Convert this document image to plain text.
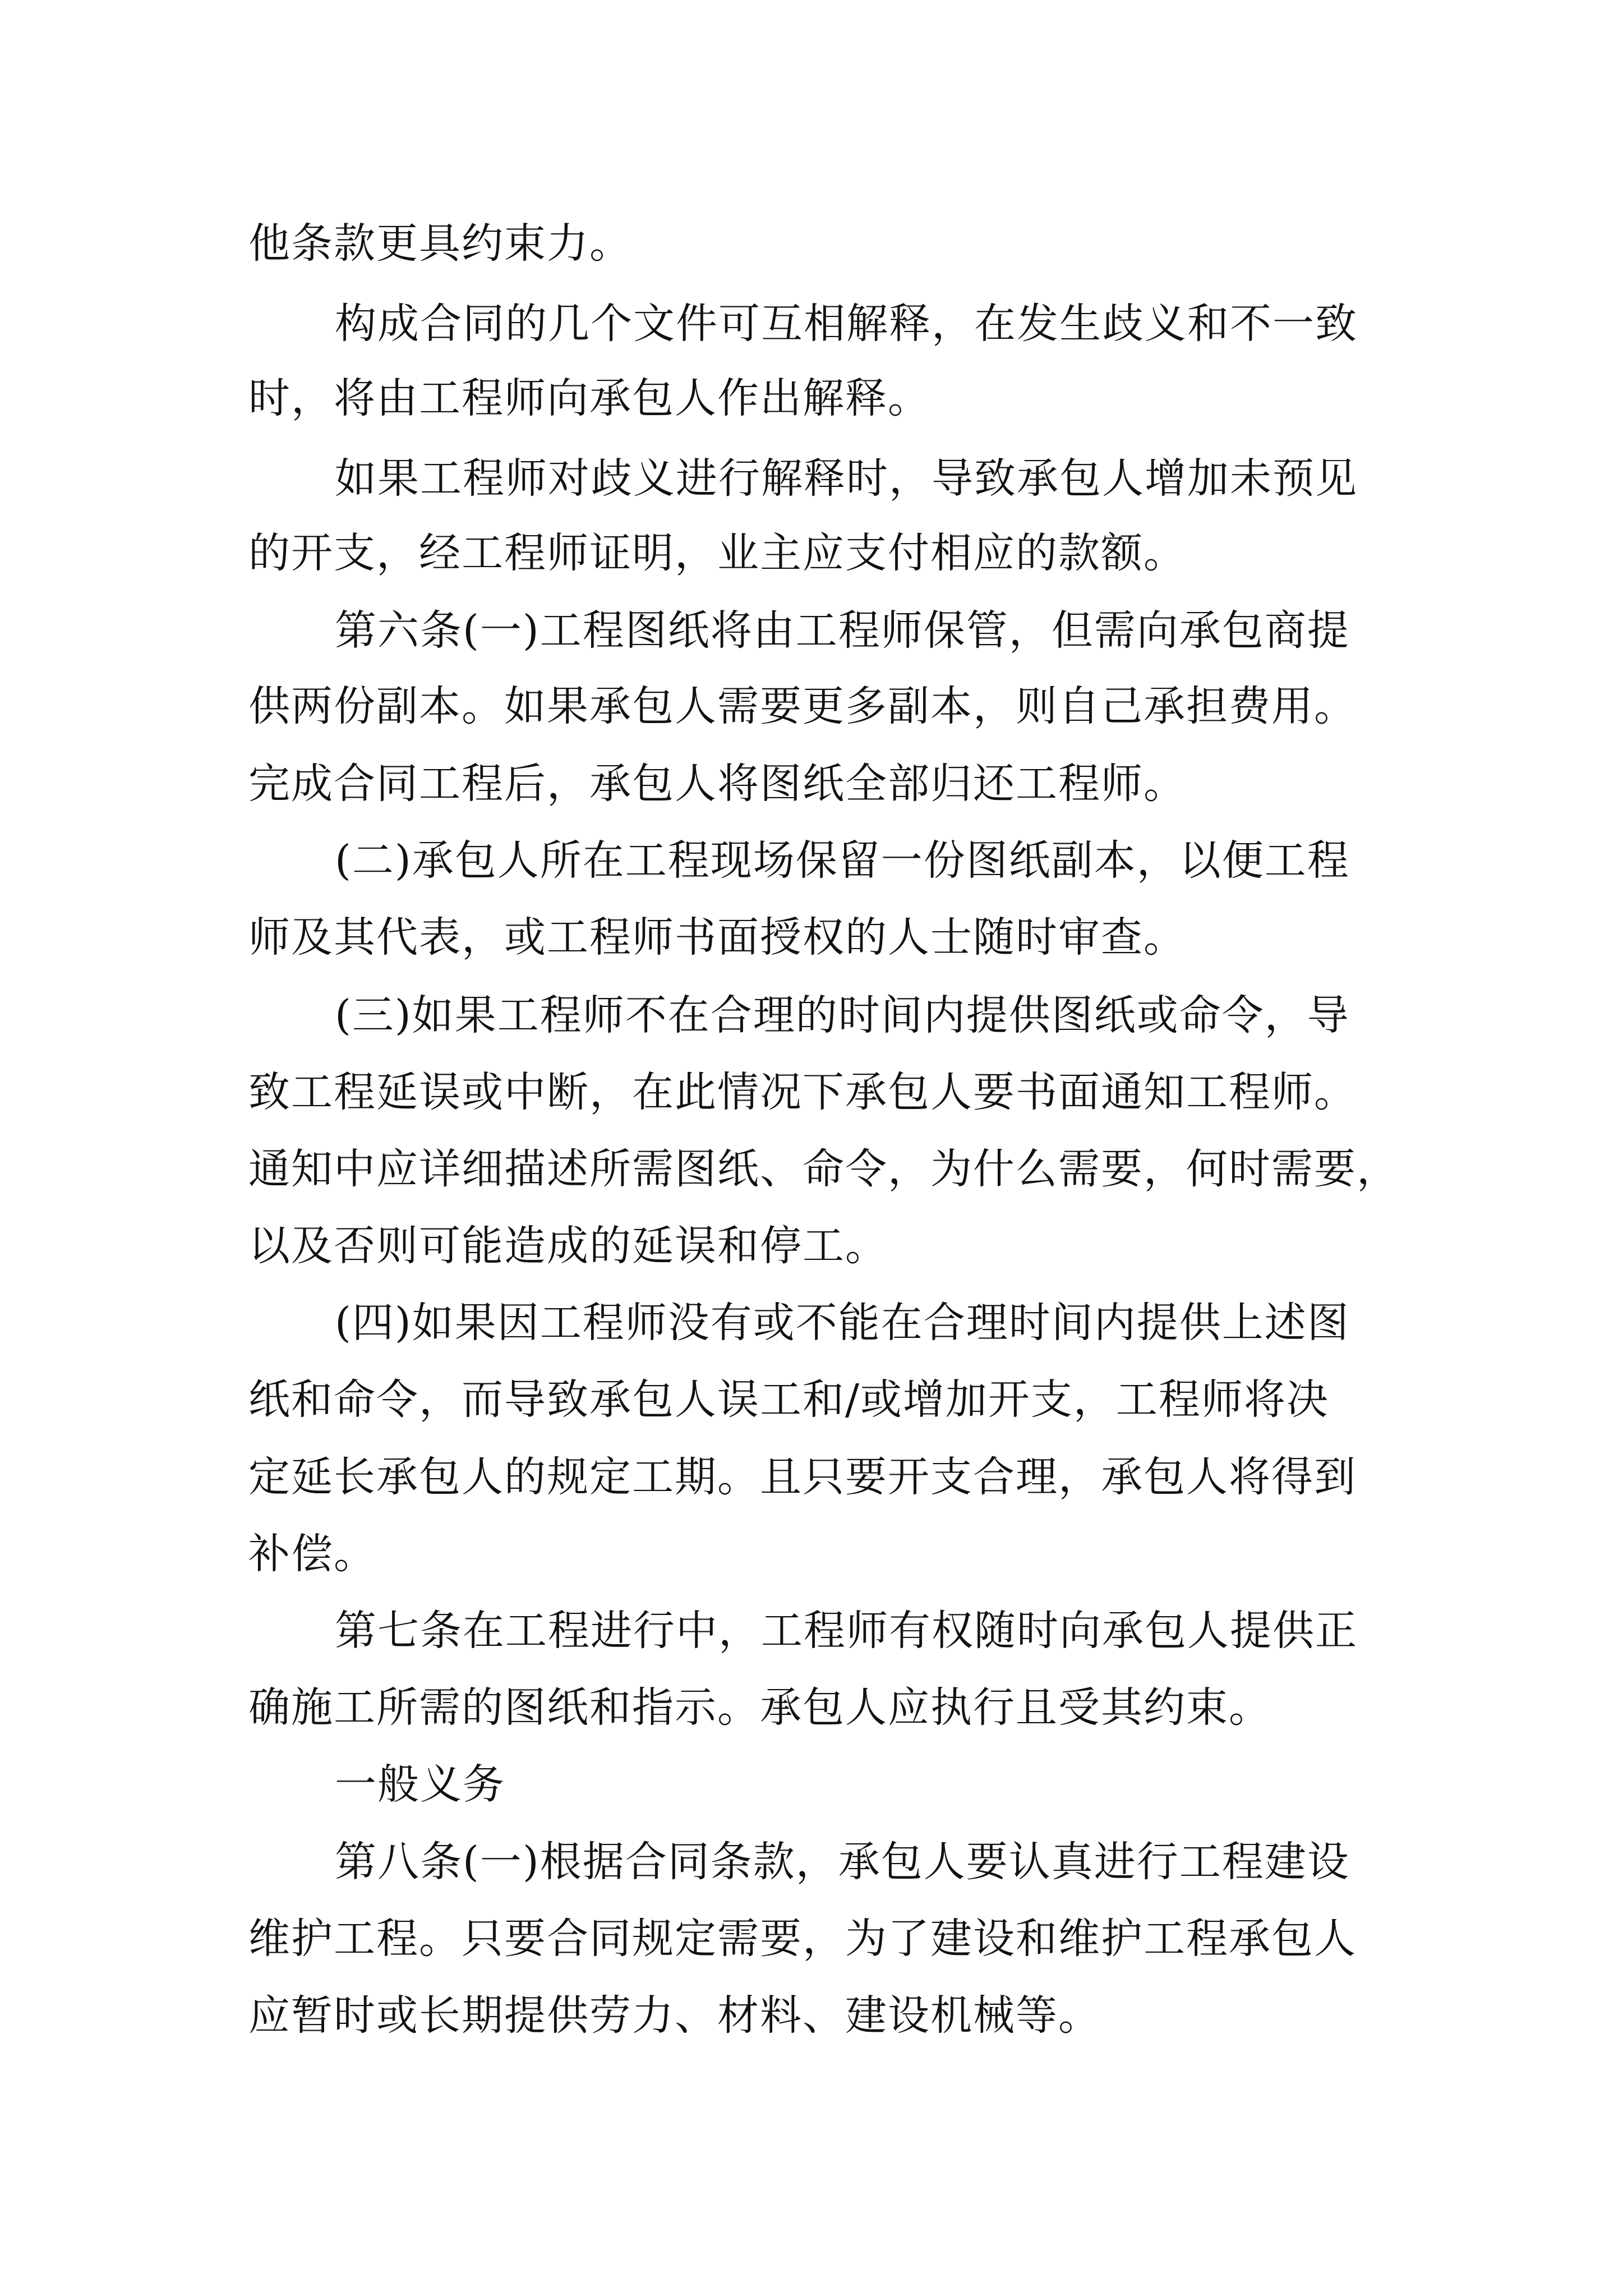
他条款更具约束力。
构成合同的几个文件可互相解释，在发生歧义和不一致
时，将由工程师向承包人作出解释。
如果工程师对歧义进行解释时，导致承包人增加未预见
的开支，经工程师证明，业主应支付相应的款额。
第六条(一)工程图纸将由工程师保管，但需向承包商提
供两份副本。如果承包人需要更多副本，则自己承担费用。
完成合同工程后，承包人将图纸全部归还工程师。
(二)承包人所在工程现场保留一份图纸副本，以便工程
师及其代表，或工程师书面授权的人士随时审查。
(三)如果工程师不在合理的时间内提供图纸或命令，导
致工程延误或中断，在此情况下承包人要书面通知工程师。
通知中应详细描述所需图纸、命令，为什么需要，何时需要，
以及否则可能造成的延误和停工。
(四)如果因工程师没有或不能在合理时间内提供上述图
纸和命令，而导致承包人误工和/或增加开支，工程师将决
定延长承包人的规定工期。且只要开支合理，承包人将得到
补偿。
第七条在工程进行中，工程师有权随时向承包人提供正
确施工所需的图纸和指示。承包人应执行且受其约束。
一般义务
第八条(一)根据合同条款，承包人要认真进行工程建设
维护工程。只要合同规定需要，为了建设和维护工程承包人
应暂时或长期提供劳力、材料、建设机械等。
